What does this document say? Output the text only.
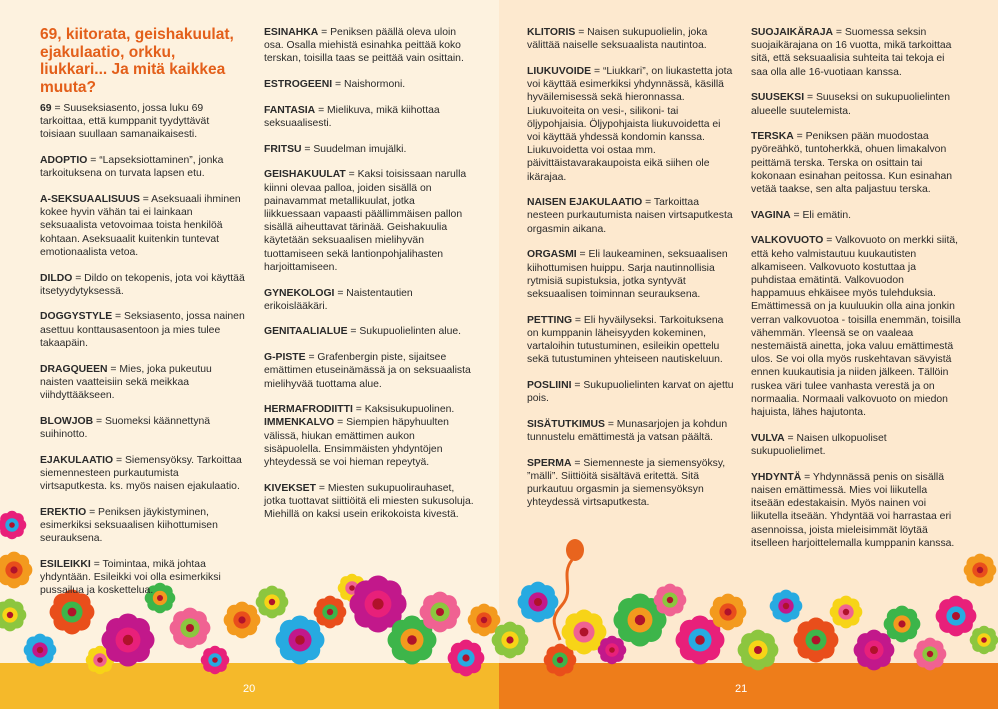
69, kiitorata, geishakuulat, ejakulaatio, orkku, liukkari... Ja mitä kaikkea muuta?
69 = Suuseksiasento, jossa luku 69 tarkoittaa, että kumppanit tyydyttävät toisiaan suullaan samanaikaisesti.
ADOPTIO = “Lapseksiottaminen”, jonka tarkoituksena on turvata lapsen etu.
A-SEKSUAALISUUS = Aseksuaali ihminen kokee hyvin vähän tai ei lainkaan seksuaalista vetovoimaa toista henkilöä kohtaan. Aseksuaalit kuitenkin tuntevat emotionaalista vetoa.
DILDO = Dildo on tekopenis, jota voi käyttää itsetyydytyksessä.
DOGGYSTYLE = Seksiasento, jossa nainen asettuu konttausasentoon ja mies tulee takaapäin.
DRAGQUEEN = Mies, joka pukeutuu naisten vaatteisiin sekä meikkaa viihdyttääkseen.
BLOWJOB = Suomeksi käännettynä suihinotto.
EJAKULAATIO = Siemensyöksy. Tarkoittaa siemennesteen purkautumista virtsaputkesta. ks. myös naisen ejakulaatio.
EREKTIO = Peniksen jäykistyminen, esimerkiksi seksuaalisen kiihottumisen seurauksena.
ESILEIKKI = Toimintaa, mikä johtaa yhdyntään. Esileikki voi olla esimerkiksi pussailua ja koskettelua.
ESINAHKA = Peniksen päällä oleva uloin osa. Osalla miehistä esinahka peittää koko terskan, toisilla taas se peittää vain osittain.
ESTROGEENI = Naishormoni.
FANTASIA = Mielikuva, mikä kiihottaa seksuaalisesti.
FRITSU = Suudelman imujälki.
GEISHAKUULAT = Kaksi toisissaan narulla kiinni olevaa palloa, joiden sisällä on painavammat metallikuulat, jotka liikkuessaan vapaasti päällimmäisen pallon sisällä aiheuttavat tärinää. Geishakuulia käytetään seksuaalisen mielihyvän tuottamiseen sekä lantionpohjalihasten harjoittamiseen.
GYNEKOLOGI = Naistentautien erikoislääkäri.
GENITAALIALUE = Sukupuolielinten alue.
G-PISTE = Grafenbergin piste, sijaitsee emättimen etuseinämässä ja on seksuaalista mielihyvää tuottama alue.
HERMAFRODIITTI = Kaksisukupuolinen.
IMMENKALVO = Siempien häpyhuulten välissä, hiukan emättimen aukon sisäpuolella. Ensimmäisten yhdyntöjen yhteydessä se voi hieman repeytyä.
KIVEKSET = Miesten sukupuolirauhaset, jotka tuottavat siittiöitä eli miesten sukusoluja. Miehillä on kaksi usein erikokoista kivestä.
KLITORIS = Naisen sukupuolielin, joka välittää naiselle seksuaalista nautintoa.
LIUKUVOIDE = “Liukkari”, on liukastetta jota voi käyttää esimerkiksi yhdynnässä, käsillä hyväilemisessä sekä hieronnassa. Liukuvoiteita on vesi-, silikoni- tai öljypohjaisia. Öljypohjaista liukuvoidetta ei voi käyttää yhdessä kondomin kanssa. Liukuvoidetta voi ostaa mm. päivittäistavarakaupoista eikä siihen ole ikärajaa.
NAISEN EJAKULAATIO = Tarkoittaa nesteen purkautumista naisen virtsaputkesta orgasmin aikana.
ORGASMI = Eli laukeaminen, seksuaalisen kiihottumisen huippu. Sarja nautinnollisia rytmisiä supistuksia, jotka syntyvät seksuaalisen toiminnan seurauksena.
PETTING = Eli hyväilyseksi. Tarkoituksena on kumppanin läheisyyden kokeminen, vartaloihin tutustuminen, esileikin opettelu sekä tutustuminen yhteiseen nautiskeluun.
POSLIINI = Sukupuolielinten karvat on ajettu pois.
SISÄTUTKIMUS = Munasarjojen ja kohdun tunnustelu emättimestä ja vatsan päältä.
SPERMA = Siemenneste ja siemensyöksy, ”mälli”. Siittiöitä sisältävä eritettä. Sitä purkautuu orgasmin ja siemensyöksyn yhteydessä virtsaputkesta.
SUOJAIKÄRAJA = Suomessa seksin suojaikärajana on 16 vuotta, mikä tarkoittaa sitä, että seksuaalisia suhteita tai tekoja ei saa olla alle 16-vuotiaan kanssa.
SUUSEKSI = Suuseksi on sukupuolielinten alueelle suutelemista.
TERSKA = Peniksen pään muodostaa pyöreähkö, tuntoherkkä, ohuen limakalvon peittämä terska. Terska on osittain tai kokonaan esinahan peitossa. Kun esinahan vetää taakse, sen alta paljastuu terska.
VAGINA = Eli emätin.
VALKOVUOTO = Valkovuoto on merkki siitä, että keho valmistautuu kuukautisten alkamiseen. Valkovuoto kostuttaa ja puhdistaa emätintä. Valkovuodon happamuus ehkäisee myös tulehduksia. Emättimessä on ja kuuluukin olla aina jonkin verran valkovuotoa - toisilla enemmän, toisilla vähemmän. Yleensä se on vaaleaa nestemäistä ainetta, joka valuu emättimestä ulos. Se voi olla myös ruskehtavan sävyistä ennen kuukautisia ja niiden jälkeen. Tällöin ruskea väri tulee vanhasta verestä ja on normaalia. Normaali valkovuoto on miedon hajuista, lähes hajutonta.
VULVA = Naisen ulkopuoliset sukupuolielimet.
YHDYNTÄ = Yhdynnässä penis on sisällä naisen emättimessä. Mies voi liikutella itseään edestakaisin. Myös nainen voi liikutella itseään. Yhdyntää voi harrastaa eri asennoissa, joista mieleisimmät löytää itselleen harjoittelemalla kumppanin kanssa.
20	21
